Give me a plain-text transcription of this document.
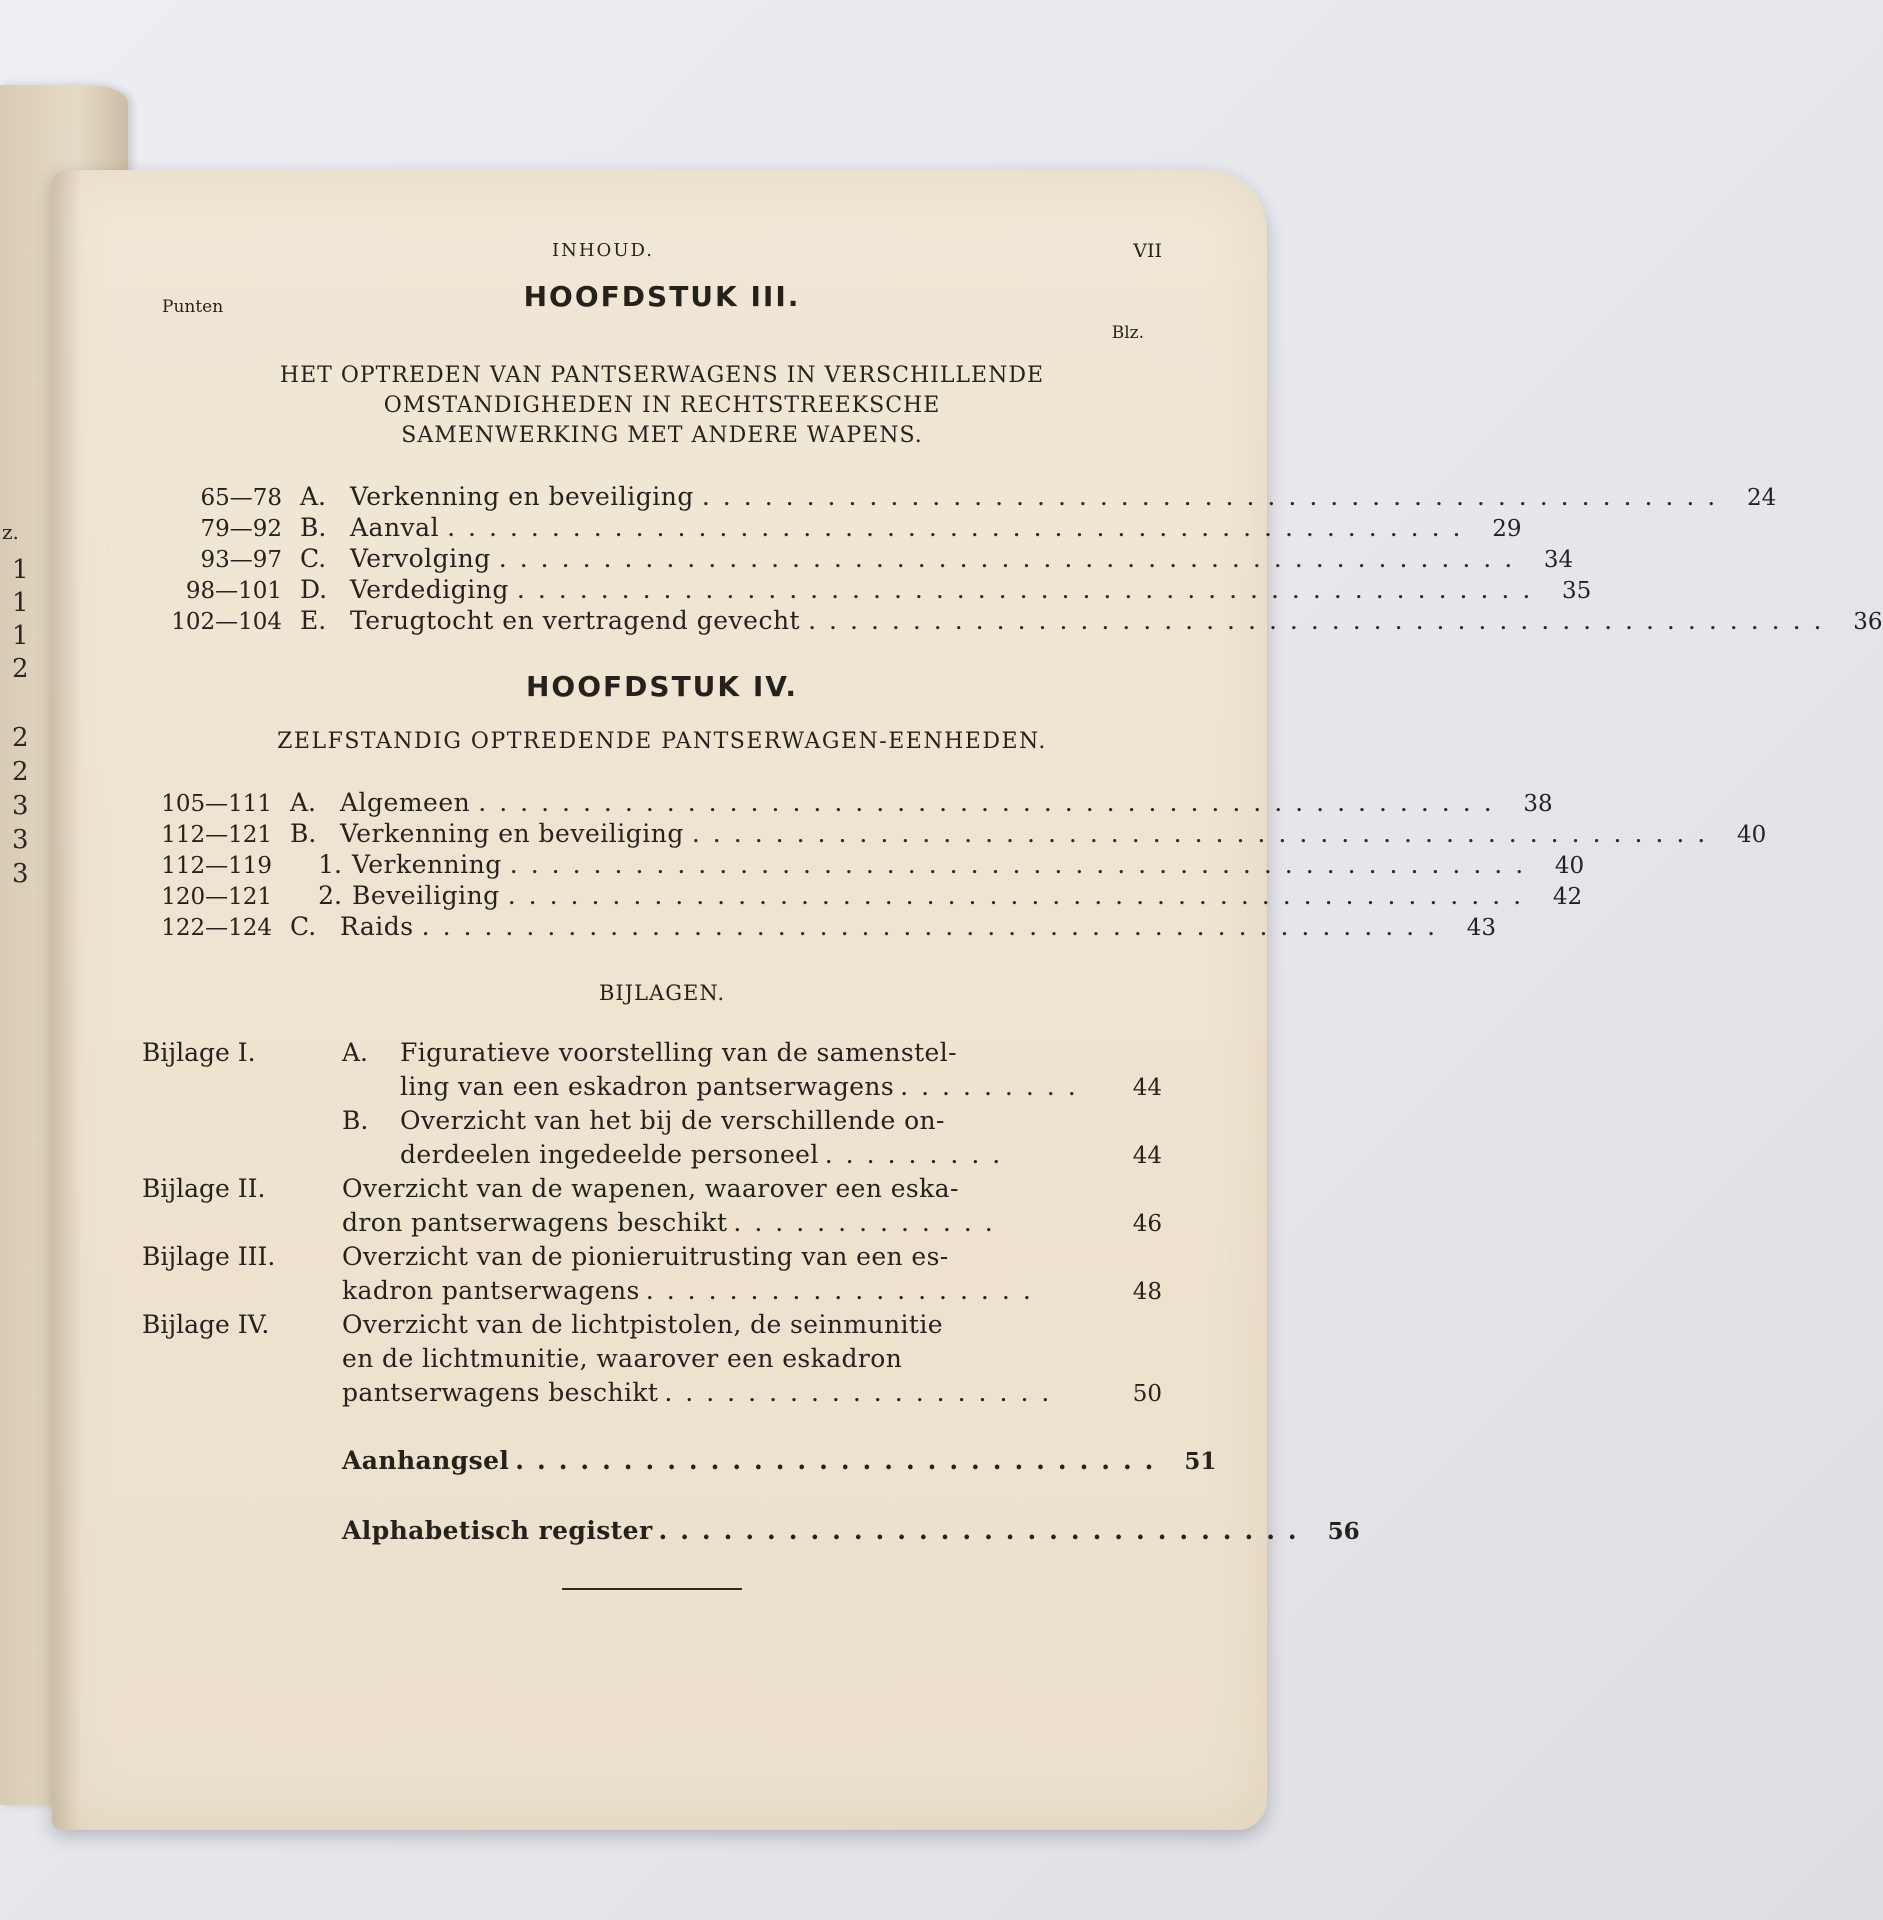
z.
1
1
1
2
2
2
3
3
3
INHOUD.	VII
HOOFDSTUK III.
Punten
Blz.
HET OPTREDEN VAN PANTSERWAGENS IN VERSCHILLENDE
OMSTANDIGHEDEN IN RECHTSTREEKSCHE
SAMENWERKING MET ANDERE WAPENS.
65—78 A. Verkenning en beveiliging ................................................. 24
79—92 B. Aanval ................................................. 29
93—97 C. Vervolging ................................................. 34
98—101 D. Verdediging ................................................. 35
102—104 E. Terugtocht en vertragend gevecht ................................................. 36
HOOFDSTUK IV.
ZELFSTANDIG OPTREDENDE PANTSERWAGEN-EENHEDEN.
105—111 A. Algemeen ................................................. 38
112—121 B. Verkenning en beveiliging ................................................. 40
112—119	1. Verkenning ................................................. 40
120—121	2. Beveiliging ................................................. 42
122—124 C. Raids ................................................. 43
BIJLAGEN.
Bijlage I.	A.	Figuratieve voorstelling van de samenstel-
ling van een eskadron pantserwagens .........	44
B.	Overzicht van het bij de verschillende on-
derdeelen ingedeelde personeel .........	44
Bijlage II.	Overzicht van de wapenen, waarover een eska-
dron pantserwagens beschikt .............	46
Bijlage III.	Overzicht van de pionieruitrusting van een es-
kadron pantserwagens ...................	48
Bijlage IV.	Overzicht van de lichtpistolen, de seinmunitie
en de lichtmunitie, waarover een eskadron
pantserwagens beschikt ...................	50
Aanhangsel .............................. 51
Alphabetisch register .............................. 56
